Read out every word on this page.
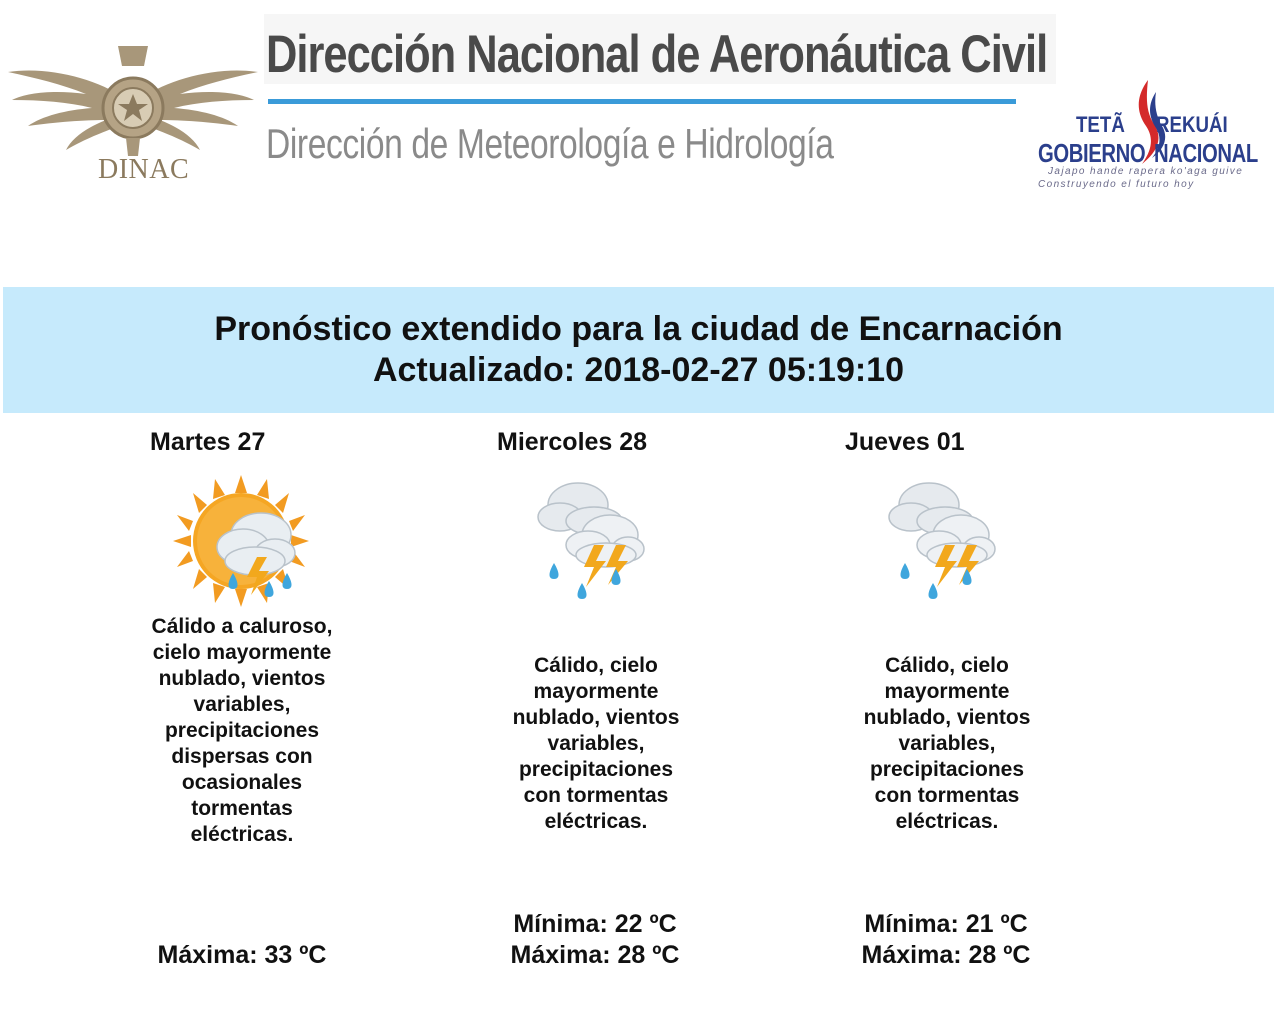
DINAC
Dirección Nacional de Aeronáutica Civil
Dirección de Meteorología e Hidrología	TETÃ REKUÁI
GOBIERNO NACIONAL
Jajapo hande rapera ko'aga guive
Construyendo el futuro hoy
Pronóstico extendido para la ciudad de Encarnación
Actualizado: 2018-02-27 05:19:10
Martes 27
Cálido a caluroso, cielo mayormente nublado, vientos variables, precipitaciones dispersas con ocasionales tormentas eléctricas.
Máxima: 33 ºC
Miercoles 28
Cálido, cielo mayormente nublado, vientos variables, precipitaciones con tormentas eléctricas.
Mínima: 22 ºC
Máxima: 28 ºC
Jueves 01
Cálido, cielo mayormente nublado, vientos variables, precipitaciones con tormentas eléctricas.
Mínima: 21 ºC
Máxima: 28 ºC
